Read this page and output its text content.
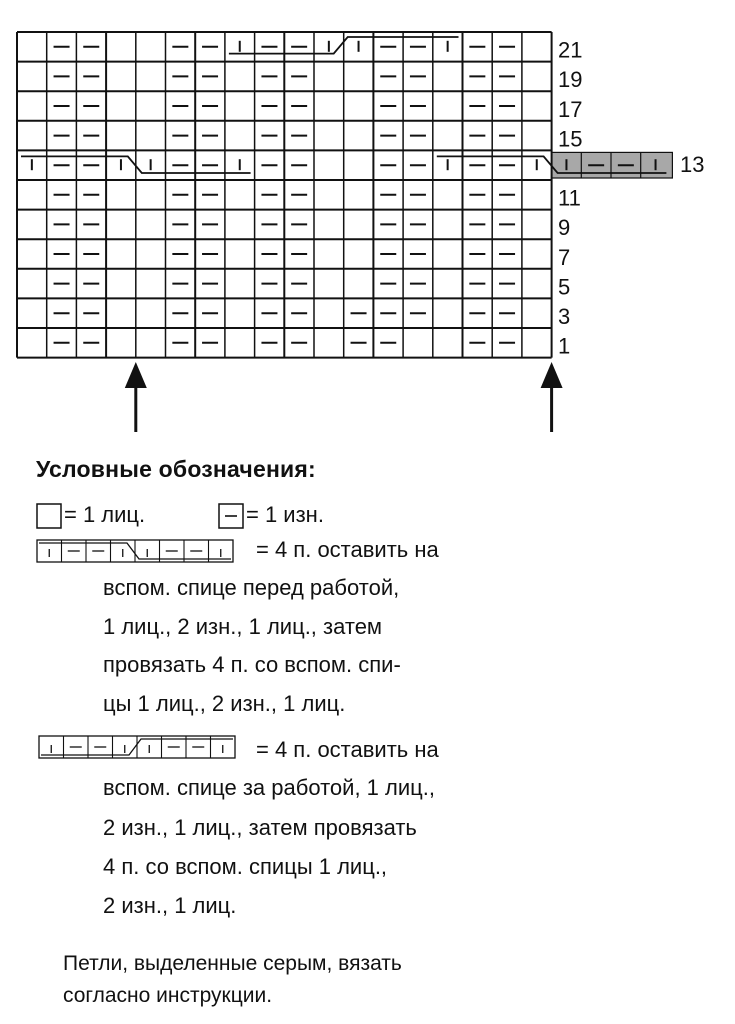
21
19
17
15
11
9
7
5
3
1
13
Условные обозначения:
= 1 лиц.	= 1 изн.
= 4 п. оставить на
вспом. спице перед работой,
1 лиц., 2 изн., 1 лиц., затем
провязать 4 п. со вспом. спи-
цы 1 лиц., 2 изн., 1 лиц.
= 4 п. оставить на
вспом. спице за работой, 1 лиц.,
2 изн., 1 лиц., затем провязать
4 п. со вспом. спицы 1 лиц.,
2 изн., 1 лиц.
Петли, выделенные серым, вязать
согласно инструкции.
